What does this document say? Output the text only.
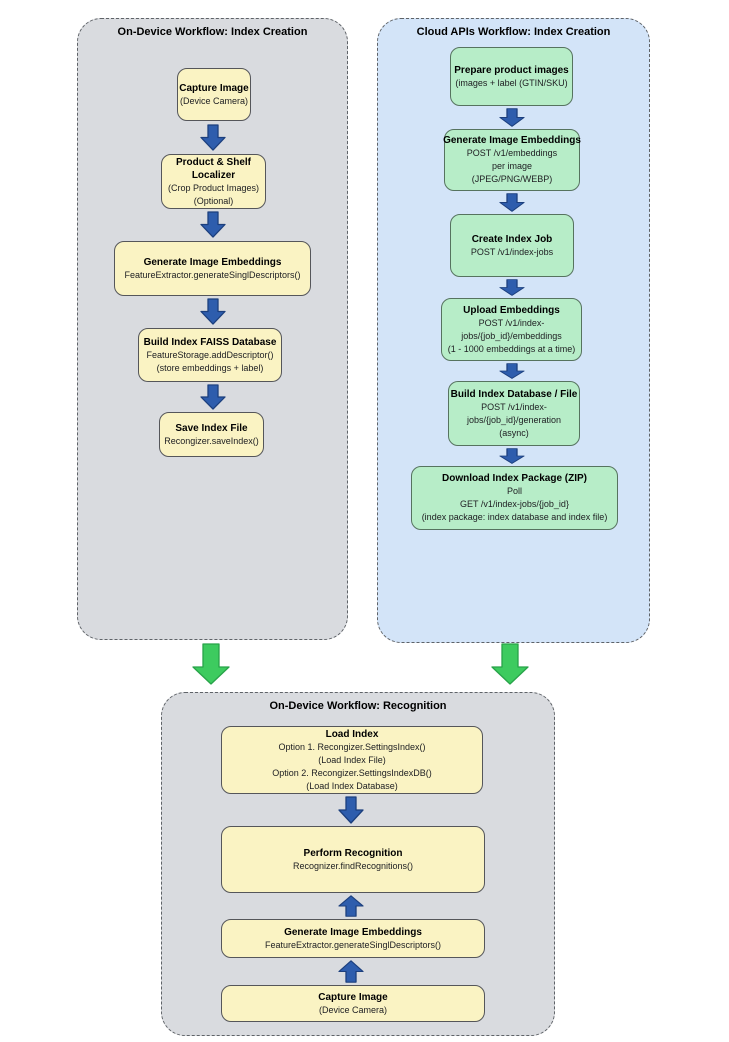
On-Device Workflow: Index Creation
Capture Image
(Device Camera)
Product & Shelf Localizer
(Crop Product Images)
(Optional)
Generate Image Embeddings
FeatureExtractor.generateSinglDescriptors()
Build Index FAISS Database
FeatureStorage.addDescriptor()
(store embeddings + label)
Save Index File
Recongizer.saveIndex()
Cloud APIs Workflow: Index Creation
Prepare product images
(images + label (GTIN/SKU)
Generate Image Embeddings
POST /v1/embeddings
per image
(JPEG/PNG/WEBP)
Create Index Job
POST /v1/index-jobs
Upload Embeddings
POST /v1/index-
jobs/{job_id}/embeddings
(1 - 1000 embeddings at a time)
Build Index Database / File
POST /v1/index-
jobs/{job_id}/generation
(async)
Download Index Package (ZIP)
Poll
GET /v1/index-jobs/{job_id}
(index package: index database and index file)
On-Device Workflow: Recognition
Load Index
Option 1. Recongizer.SettingsIndex()
(Load Index File)
Option 2. Recongizer.SettingsIndexDB()
(Load Index Database)
Perform Recognition
Recognizer.findRecognitions()
Generate Image Embeddings
FeatureExtractor.generateSinglDescriptors()
Capture Image
(Device Camera)
